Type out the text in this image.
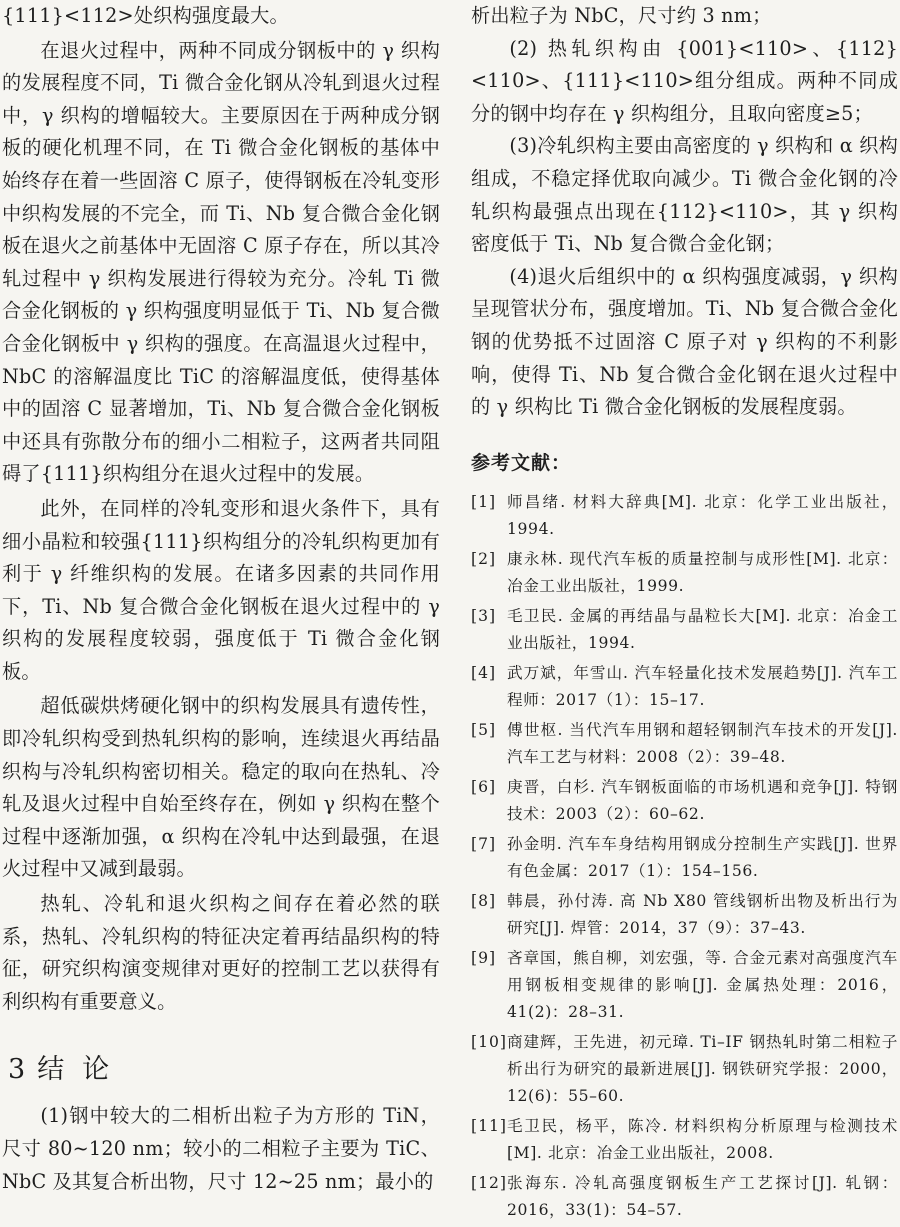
{111}<112>处织构强度最大。

在退火过程中，两种不同成分钢板中的 γ 织构的发展程度不同，Ti 微合金化钢从冷轧到退火过程中，γ 织构的增幅较大。主要原因在于两种成分钢板的硬化机理不同，在 Ti 微合金化钢板的基体中始终存在着一些固溶 C 原子，使得钢板在冷轧变形中织构发展的不完全，而 Ti、Nb 复合微合金化钢板在退火之前基体中无固溶 C 原子存在，所以其冷轧过程中 γ 织构发展进行得较为充分。冷轧 Ti 微合金化钢板的 γ 织构强度明显低于 Ti、Nb 复合微合金化钢板中 γ 织构的强度。在高温退火过程中，NbC 的溶解温度比 TiC 的溶解温度低，使得基体中的固溶 C 显著增加，Ti、Nb 复合微合金化钢板中还具有弥散分布的细小二相粒子，这两者共同阻碍了{111}织构组分在退火过程中的发展。

此外，在同样的冷轧变形和退火条件下，具有细小晶粒和较强{111}织构组分的冷轧织构更加有利于 γ 纤维织构的发展。在诸多因素的共同作用下，Ti、Nb 复合微合金化钢板在退火过程中的 γ 织构的发展程度较弱，强度低于 Ti 微合金化钢板。

超低碳烘烤硬化钢中的织构发展具有遗传性，即冷轧织构受到热轧织构的影响，连续退火再结晶织构与冷轧织构密切相关。稳定的取向在热轧、冷轧及退火过程中自始至终存在，例如 γ 织构在整个过程中逐渐加强，α 织构在冷轧中达到最强，在退火过程中又减到最弱。

热轧、冷轧和退火织构之间存在着必然的联系，热轧、冷轧织构的特征决定着再结晶织构的特征，研究织构演变规律对更好的控制工艺以获得有利织构有重要意义。

3 结论

(1)钢中较大的二相析出粒子为方形的 TiN，尺寸 80~120 nm；较小的二相粒子主要为 TiC、NbC 及其复合析出物，尺寸 12~25 nm；最小的

析出粒子为 NbC，尺寸约 3 nm；

(2) 热轧织构由 {001}<110>、{112}<110>、{111}<110>组分组成。两种不同成分的钢中均存在 γ 织构组分，且取向密度≥5；

(3)冷轧织构主要由高密度的 γ 织构和 α 织构组成，不稳定择优取向减少。Ti 微合金化钢的冷轧织构最强点出现在{112}<110>，其 γ 织构密度低于 Ti、Nb 复合微合金化钢；

(4)退火后组织中的 α 织构强度减弱，γ 织构呈现管状分布，强度增加。Ti、Nb 复合微合金化钢的优势抵不过固溶 C 原子对 γ 织构的不利影响，使得 Ti、Nb 复合微合金化钢在退火过程中的 γ 织构比 Ti 微合金化钢板的发展程度弱。

参考文献：
[1] 师昌绪. 材料大辞典[M]. 北京：化学工业出版社，1994.
[2] 康永林. 现代汽车板的质量控制与成形性[M]. 北京：冶金工业出版社，1999.
[3] 毛卫民. 金属的再结晶与晶粒长大[M]. 北京：冶金工业出版社，1994.
[4] 武万斌，年雪山. 汽车轻量化技术发展趋势[J]. 汽车工程师：2017（1）：15–17.
[5] 傅世枢. 当代汽车用钢和超轻钢制汽车技术的开发[J]. 汽车工艺与材料：2008（2）：39–48.
[6] 庚晋，白杉. 汽车钢板面临的市场机遇和竞争[J]. 特钢技术：2003（2）：60–62.
[7] 孙金明. 汽车车身结构用钢成分控制生产实践[J]. 世界有色金属：2017（1）：154–156.
[8] 韩晨，孙付涛. 高 Nb X80 管线钢析出物及析出行为研究[J]. 焊管：2014，37（9）：37–43.
[9] 吝章国，熊自柳，刘宏强，等. 合金元素对高强度汽车用钢板相变规律的影响[J]. 金属热处理：2016，41(2)：28–31.
[10] 商建辉，王先进，初元璋. Ti–IF 钢热轧时第二相粒子析出行为研究的最新进展[J]. 钢铁研究学报：2000，12(6)：55–60.
[11] 毛卫民，杨平，陈冷. 材料织构分析原理与检测技术[M]. 北京：冶金工业出版社，2008.
[12] 张海东. 冷轧高强度钢板生产工艺探讨[J]. 轧钢：2016，33(1)：54–57.
